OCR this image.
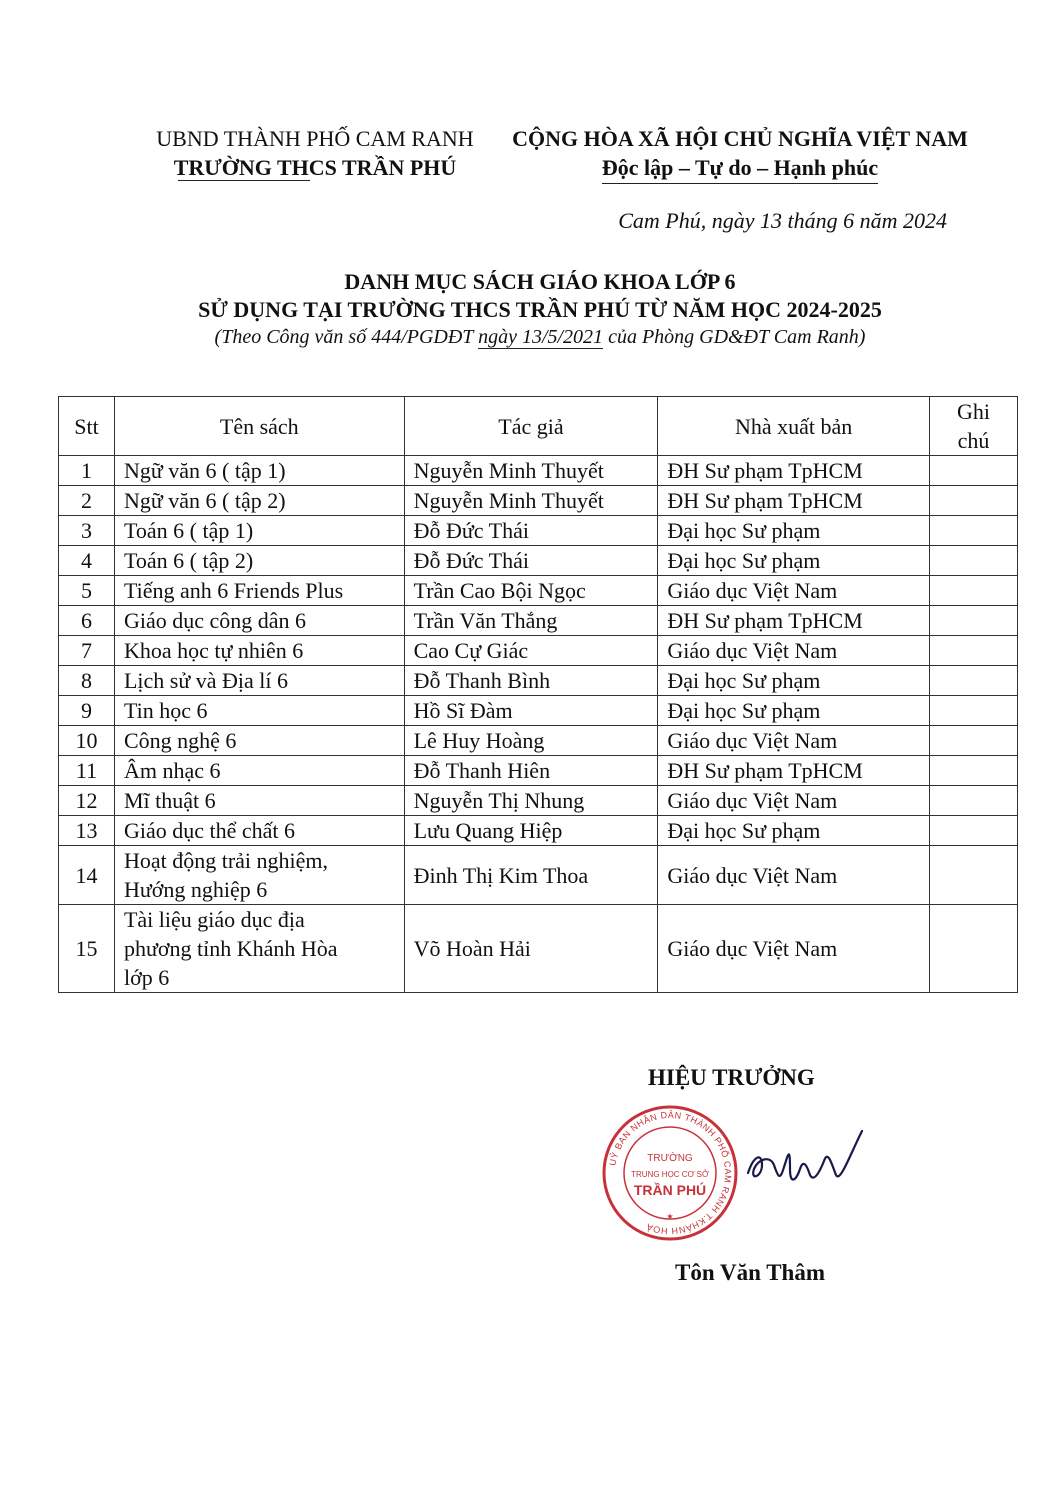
UBND THÀNH PHỐ CAM RANH
TRƯỜNG THCS TRẦN PHÚ
CỘNG HÒA XÃ HỘI CHỦ NGHĨA VIỆT NAM
Độc lập – Tự do – Hạnh phúc
Cam Phú, ngày 13 tháng 6 năm 2024
DANH MỤC SÁCH GIÁO KHOA LỚP 6
SỬ DỤNG TẠI TRƯỜNG THCS TRẦN PHÚ TỪ NĂM HỌC 2024-2025
(Theo Công văn số 444/PGDĐT ngày 13/5/2021 của Phòng GD&ĐT Cam Ranh)
Stt	Tên sách	Tác giả	Nhà xuất bản	Ghi chú
1	Ngữ văn 6 ( tập 1)	Nguyễn Minh Thuyết	ĐH Sư phạm TpHCM	
2	Ngữ văn 6 ( tập 2)	Nguyễn Minh Thuyết	ĐH Sư phạm TpHCM	
3	Toán 6 ( tập 1)	Đỗ Đức Thái	Đại học Sư phạm	
4	Toán 6 ( tập 2)	Đỗ Đức Thái	Đại học Sư phạm	
5	Tiếng anh 6 Friends Plus	Trần Cao Bội Ngọc	Giáo dục Việt Nam	
6	Giáo dục công dân 6	Trần Văn Thắng	ĐH Sư phạm TpHCM	
7	Khoa học tự nhiên 6	Cao Cự Giác	Giáo dục Việt Nam	
8	Lịch sử và Địa lí 6	Đỗ Thanh Bình	Đại học Sư phạm	
9	Tin học 6	Hồ Sĩ Đàm	Đại học Sư phạm	
10	Công nghệ 6	Lê Huy Hoàng	Giáo dục Việt Nam	
11	Âm nhạc 6	Đỗ Thanh Hiên	ĐH Sư phạm TpHCM	
12	Mĩ thuật 6	Nguyễn Thị Nhung	Giáo dục Việt Nam	
13	Giáo dục thể chất 6	Lưu Quang Hiệp	Đại học Sư phạm	
14	Hoạt động trải nghiệm,
Hướng nghiệp 6	Đinh Thị Kim Thoa	Giáo dục Việt Nam	
15	Tài liệu giáo dục địa
phương tỉnh Khánh Hòa
lớp 6	Võ Hoàn Hải	Giáo dục Việt Nam	
HIỆU TRƯỞNG
UỶ BAN NHÂN DÂN THÀNH PHỐ CAM RANH T.KHÁNH HOÀ
TRƯỜNG
TRUNG HỌC CƠ SỞ
TRẦN PHÚ
★
Tôn Văn Thâm
